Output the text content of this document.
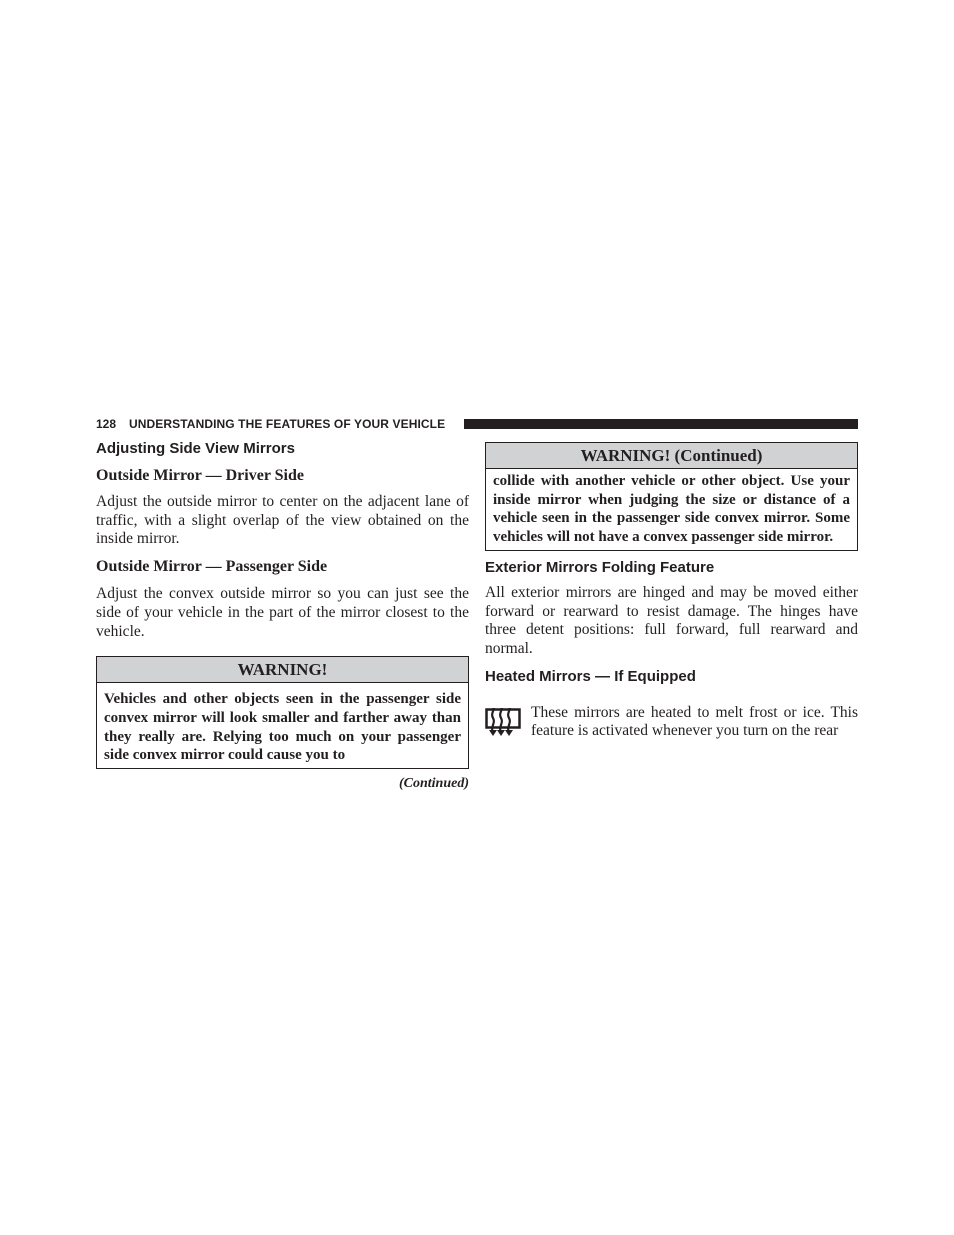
128 UNDERSTANDING THE FEATURES OF YOUR VEHICLE
Adjusting Side View Mirrors
Outside Mirror — Driver Side

Adjust the outside mirror to center on the adjacent lane of traffic, with a slight overlap of the view obtained on the inside mirror.

Outside Mirror — Passenger Side

Adjust the convex outside mirror so you can just see the side of your vehicle in the part of the mirror closest to the vehicle.

WARNING!
Vehicles and other objects seen in the passenger side convex mirror will look smaller and farther away than they really are. Relying too much on your passenger side convex mirror could cause you to
(Continued)
WARNING! (Continued)
collide with another vehicle or other object. Use your inside mirror when judging the size or distance of a vehicle seen in the passenger side convex mirror. Some vehicles will not have a convex passenger side mirror.
Exterior Mirrors Folding Feature

All exterior mirrors are hinged and may be moved either forward or rearward to resist damage. The hinges have three detent positions: full forward, full rearward and normal.

Heated Mirrors — If Equipped

These mirrors are heated to melt frost or ice. This feature is activated whenever you turn on the rear
